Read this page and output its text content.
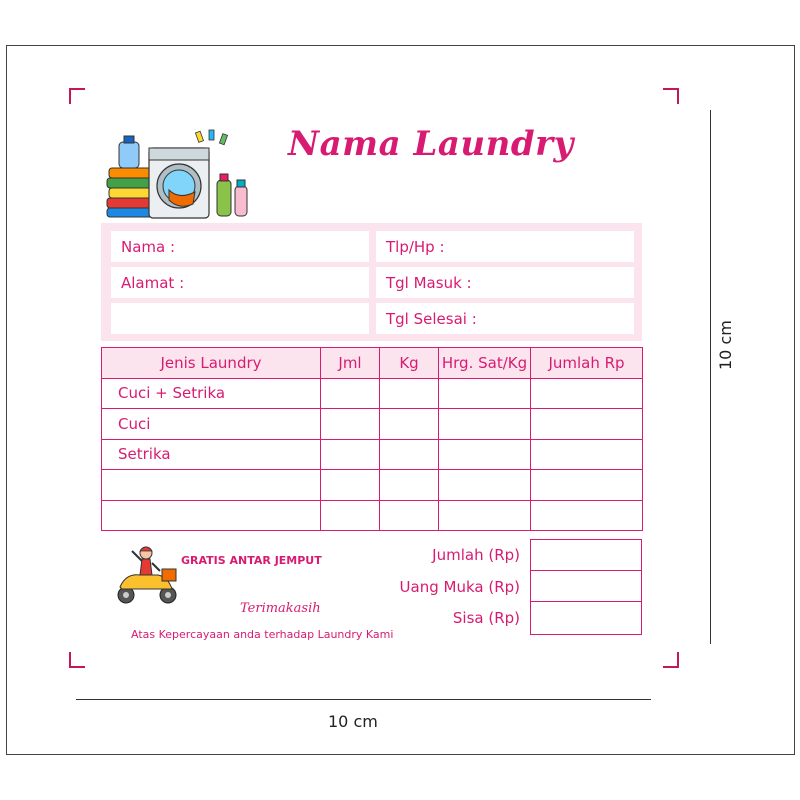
10 cm
10 cm
Nama Laundry
Nama :
Alamat :
Tlp/Hp :
Tgl Masuk :
Tgl Selesai :
Jenis Laundry	Jml	Kg	Hrg. Sat/Kg	Jumlah Rp
Cuci + Setrika				
Cuci				
Setrika				

GRATIS ANTAR JEMPUT
Terimakasih
Atas Kepercayaan anda terhadap Laundry Kami
Jumlah (Rp)
Uang Muka (Rp)
Sisa (Rp)
